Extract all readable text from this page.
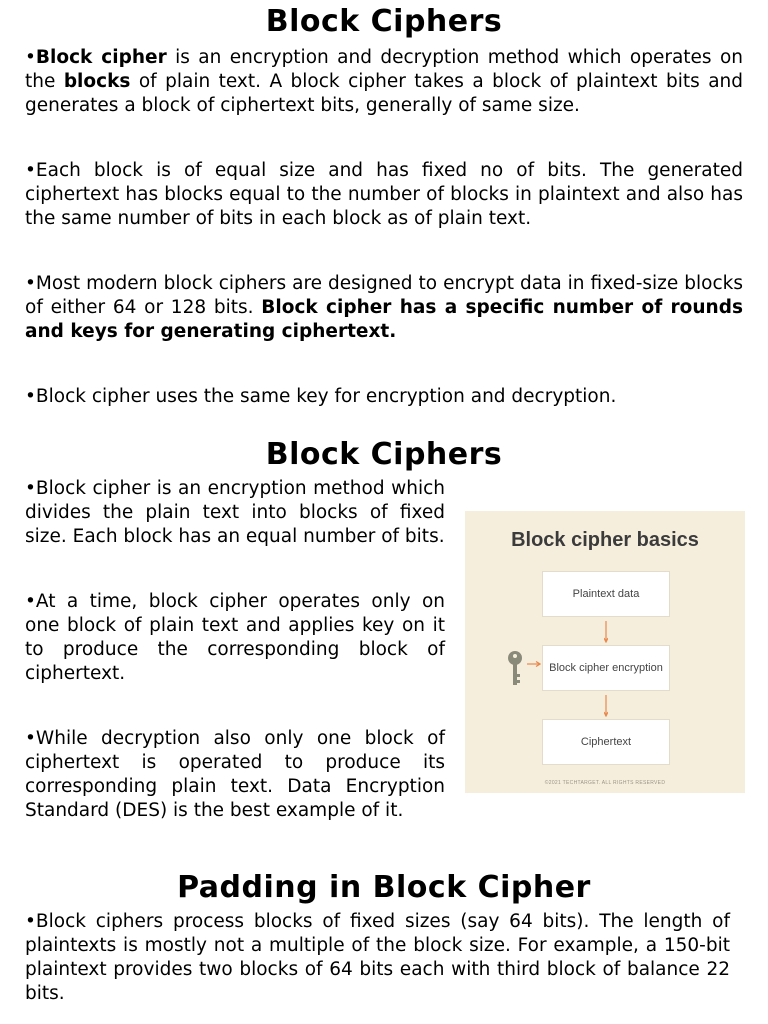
Block Ciphers

•Block cipher is an encryption and decryption method which operates on the blocks of plain text. A block cipher takes a block of plaintext bits and generates a block of ciphertext bits, generally of same size.

•Each block is of equal size and has fixed no of bits. The generated ciphertext has blocks equal to the number of blocks in plaintext and also has the same number of bits in each block as of plain text.

•Most modern block ciphers are designed to encrypt data in fixed-size blocks of either 64 or 128 bits. Block cipher has a specific number of rounds and keys for generating ciphertext.

•Block cipher uses the same key for encryption and decryption.

Block Ciphers

•Block cipher is an encryption method which divides the plain text into blocks of fixed size. Each block has an equal number of bits.

•At a time, block cipher operates only on one block of plain text and applies key on it to produce the corresponding block of ciphertext.

•While decryption also only one block of ciphertext is operated to produce its corresponding plain text. Data Encryption Standard (DES) is the best example of it.

Block cipher basics
Plaintext data
Block cipher encryption
Ciphertext
©2021 TECHTARGET. ALL RIGHTS RESERVED
Padding in Block Cipher

•Block ciphers process blocks of fixed sizes (say 64 bits). The length of plaintexts is mostly not a multiple of the block size. For example, a 150-bit plaintext provides two blocks of 64 bits each with third block of balance 22 bits.
